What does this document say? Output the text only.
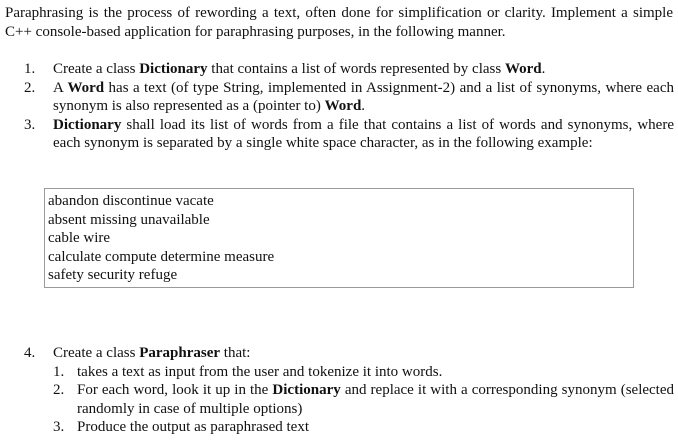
Paraphrasing is the process of rewording a text, often done for simplification or clarity. Implement a simple C++ console-based application for paraphrasing purposes, in the following manner.
1.	Create a class Dictionary that contains a list of words represented by class Word.
2.	A Word has a text (of type String, implemented in Assignment-2) and a list of synonyms, where each synonym is also represented as a (pointer to) Word.
3.	Dictionary shall load its list of words from a file that contains a list of words and synonyms, where each synonym is separated by a single white space character, as in the following example:
abandon discontinue vacate
absent missing unavailable
cable wire
calculate compute determine measure
safety security refuge
4.	Create a class Paraphraser that:
1. takes a text as input from the user and tokenize it into words.
2. For each word, look it up in the Dictionary and replace it with a corresponding synonym (selected randomly in case of multiple options)
3. Produce the output as paraphrased text
